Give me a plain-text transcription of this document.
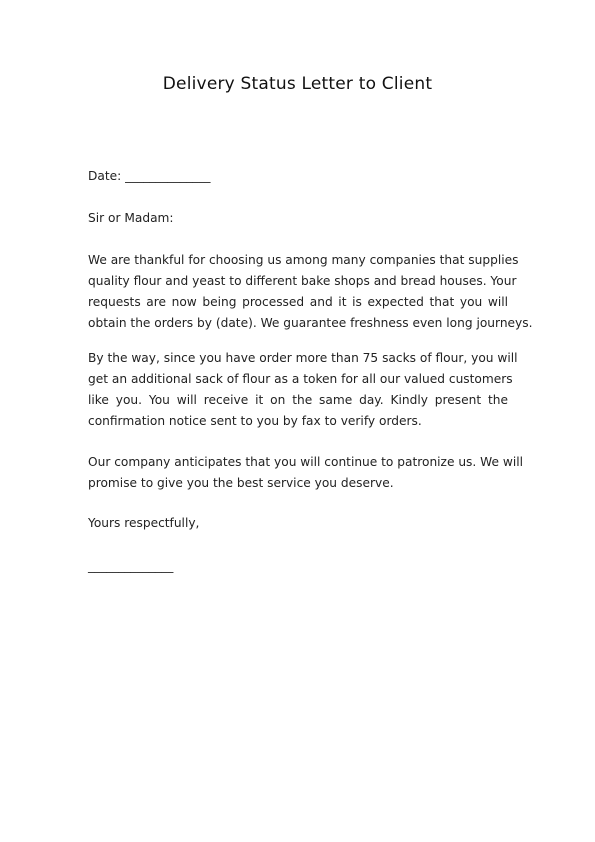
Delivery Status Letter to Client
Date: ______________
Sir or Madam:
We are thankful for choosing us among many companies that supplies
quality flour and yeast to different bake shops and bread houses. Your
requests are now being processed and it is expected that you will
obtain the orders by (date). We guarantee freshness even long journeys.
By the way, since you have order more than 75 sacks of flour, you will
get an additional sack of flour as a token for all our valued customers
like you. You will receive it on the same day. Kindly present the
confirmation notice sent to you by fax to verify orders.
Our company anticipates that you will continue to patronize us. We will
promise to give you the best service you deserve.
Yours respectfully,
______________
